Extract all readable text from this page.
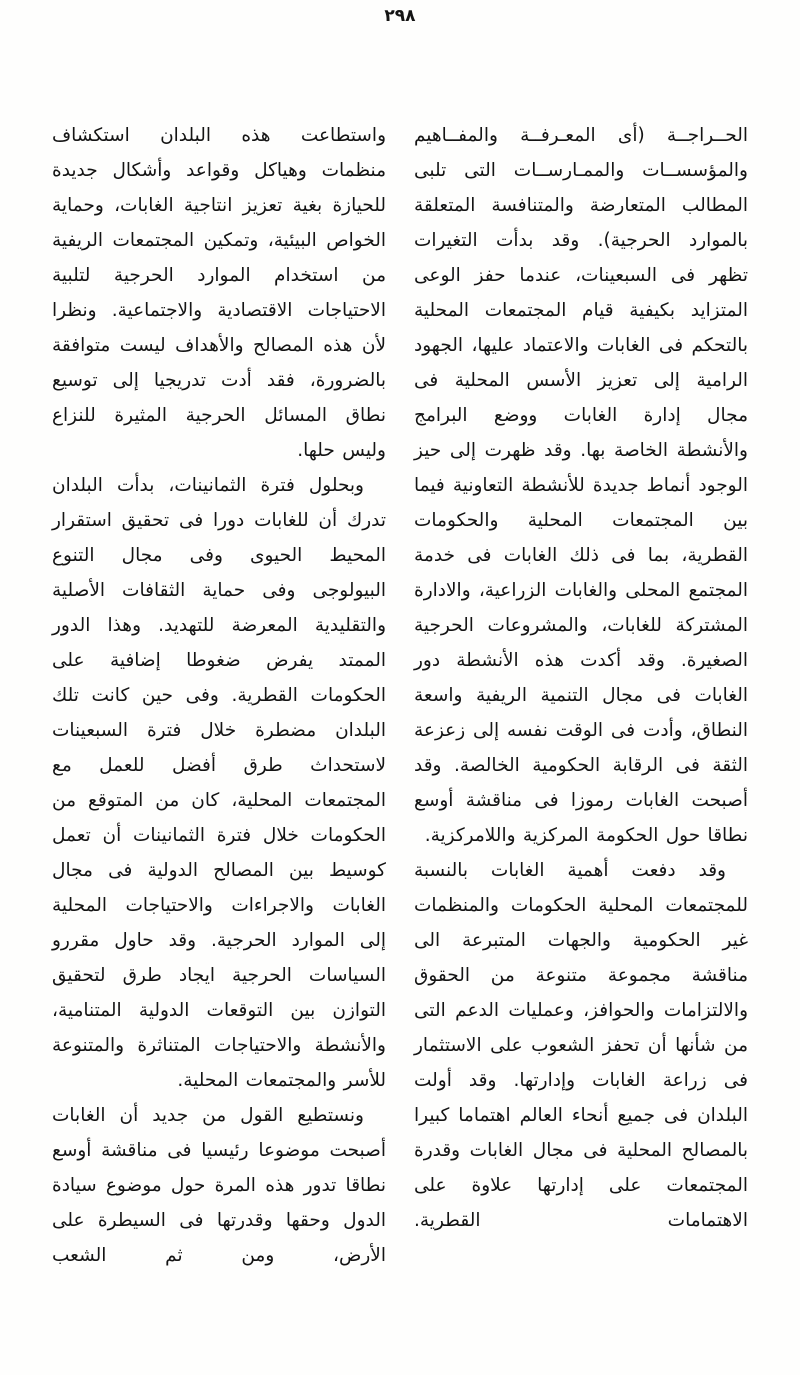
٢٩٨

الحــراجــة (أى المعـرفــة والمفــاهيم والمؤسســات والممـارســات التى تلبى المطالب المتعارضة والمتنافسة المتعلقة بالموارد الحرجية). وقد بدأت التغيرات تظهر فى السبعينات، عندما حفز الوعى المتزايد بكيفية قيام المجتمعات المحلية بالتحكم فى الغابات والاعتماد عليها، الجهود الرامية إلى تعزيز الأسس المحلية فى مجال إدارة الغابات ووضع البرامج والأنشطة الخاصة بها. وقد ظهرت إلى حيز الوجود أنماط جديدة للأنشطة التعاونية فيما بين المجتمعات المحلية والحكومات القطرية، بما فى ذلك الغابات فى خدمة المجتمع المحلى والغابات الزراعية، والادارة المشتركة للغابات، والمشروعات الحرجية الصغيرة. وقد أكدت هذه الأنشطة دور الغابات فى مجال التنمية الريفية واسعة النطاق، وأدت فى الوقت نفسه إلى زعزعة الثقة فى الرقابة الحكومية الخالصة. وقد أصبحت الغابات رموزا فى مناقشة أوسع نطاقا حول الحكومة المركزية واللامركزية.

وقد دفعت أهمية الغابات بالنسبة للمجتمعات المحلية الحكومات والمنظمات غير الحكومية والجهات المتبرعة الى مناقشة مجموعة متنوعة من الحقوق والالتزامات والحوافز، وعمليات الدعم التى من شأنها أن تحفز الشعوب على الاستثمار فى زراعة الغابات وإدارتها. وقد أولت البلدان فى جميع أنحاء العالم اهتماما كبيرا بالمصالح المحلية فى مجال الغابات وقدرة المجتمعات على إدارتها علاوة على الاهتمامات القطرية.

واستطاعت هذه البلدان استكشاف منظمات وهياكل وقواعد وأشكال جديدة للحيازة بغية تعزيز انتاجية الغابات، وحماية الخواص البيئية، وتمكين المجتمعات الريفية من استخدام الموارد الحرجية لتلبية الاحتياجات الاقتصادية والاجتماعية. ونظرا لأن هذه المصالح والأهداف ليست متوافقة بالضرورة، فقد أدت تدريجيا إلى توسيع نطاق المسائل الحرجية المثيرة للنزاع وليس حلها.

وبحلول فترة الثمانينات، بدأت البلدان تدرك أن للغابات دورا فى تحقيق استقرار المحيط الحيوى وفى مجال التنوع البيولوجى وفى حماية الثقافات الأصلية والتقليدية المعرضة للتهديد. وهذا الدور الممتد يفرض ضغوطا إضافية على الحكومات القطرية. وفى حين كانت تلك البلدان مضطرة خلال فترة السبعينات لاستحداث طرق أفضل للعمل مع المجتمعات المحلية، كان من المتوقع من الحكومات خلال فترة الثمانينات أن تعمل كوسيط بين المصالح الدولية فى مجال الغابات والاجراءات والاحتياجات المحلية إلى الموارد الحرجية. وقد حاول مقررو السياسات الحرجية ايجاد طرق لتحقيق التوازن بين التوقعات الدولية المتنامية، والأنشطة والاحتياجات المتناثرة والمتنوعة للأسر والمجتمعات المحلية.

ونستطيع القول من جديد أن الغابات أصبحت موضوعا رئيسيا فى مناقشة أوسع نطاقا تدور هذه المرة حول موضوع سيادة الدول وحقها وقدرتها فى السيطرة على الأرض، ومن ثم الشعب
